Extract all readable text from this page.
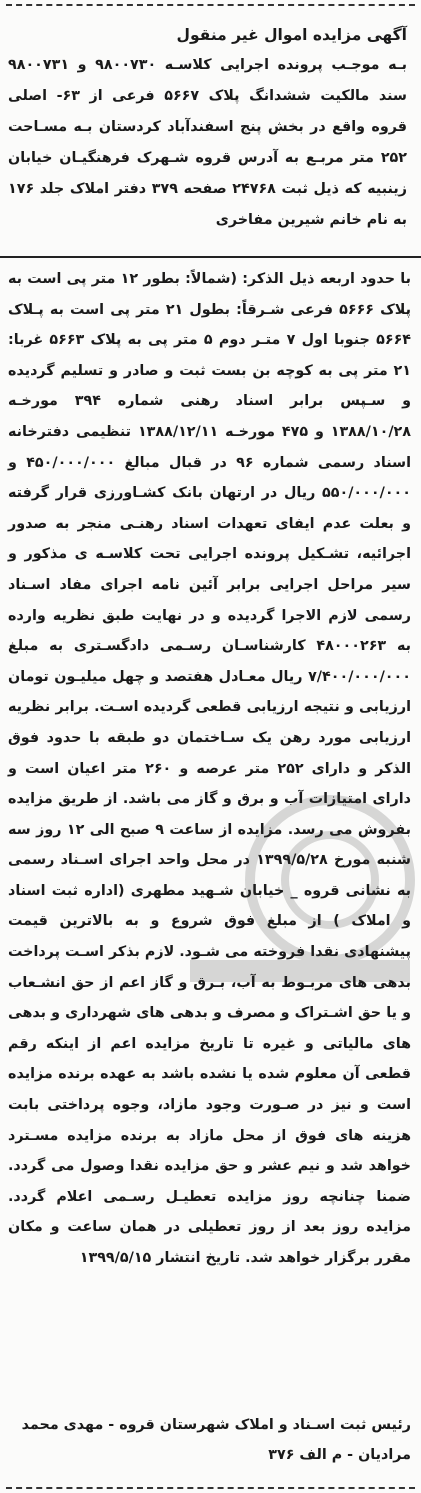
آگهی مزایده اموال غیر منقول

بـه موجـب پرونده اجرایی کلاسـه ۹۸۰۰۷۳۰ و ۹۸۰۰۷۳۱ سند مالکیت ششدانگ پلاک ۵۶۶۷ فرعی از ۶۳- اصلی قروه واقع در بخش پنج اسفندآباد کردستان بـه مسـاحت ۲۵۲ متر مربـع به آدرس قروه شـهرک فرهنگیـان خیابان زینبیه که ذیل ثبت ۲۴۷۶۸ صفحه ۳۷۹ دفتر املاک جلد ۱۷۶ به نام خانم شیرین مفاخری

با حدود اربعه ذیل الذکر: (شمالاً: بطور ۱۲ متر پی است به پلاک ۵۶۶۶ فرعی شـرقاً: بطول ۲۱ متر پی است به پـلاک ۵۶۶۴ جنوبا اول ۷ متـر دوم ۵ متر پی به پلاک ۵۶۶۳ غربا: ۲۱ متر پی به کوچه بن بست ثبت و صادر و تسلیم گردیده و سـپس برابر اسناد رهنی شماره ۳۹۴ مورخـه ۱۳۸۸/۱۰/۲۸ و ۴۷۵ مورخـه ۱۳۸۸/۱۲/۱۱ تنظیمی دفترخانه اسناد رسمی شماره ۹۶ در قبال مبالغ ۴۵۰/۰۰۰/۰۰۰ و ۵۵۰/۰۰۰/۰۰۰ ریال در ارتهان بانک کشـاورزی قرار گرفته و بعلت عدم ایفای تعهدات اسناد رهنـی منجر به صدور اجرائیه، تشـکیل پرونده اجرایی تحت کلاسـه ی مذکور و سیر مراحل اجرایی برابر آئین نامه اجرای مفاد اسـناد رسمی لازم الاجرا گردیده و در نهایت طبق نظریه وارده به ۴۸۰۰۰۲۶۳ کارشناسـان رسـمی دادگسـتری به مبلغ ۷/۴۰۰/۰۰۰/۰۰۰ ریال معـادل هفتصد و چهل میلیـون تومان ارزیابی و نتیجه ارزیابی قطعی گردیده اسـت. برابر نظریه ارزیابی مورد رهن یک سـاختمان دو طبقه با حدود فوق الذکر و دارای ۲۵۲ متر عرصه و ۲۶۰ متر اعیان است و دارای امتیازات آب و برق و گاز می باشد. از طریق مزایده بفروش می رسد. مزایده از ساعت ۹ صبح الی ۱۲ روز سه شنبه مورخ ۱۳۹۹/۵/۲۸ در محل واحد اجرای اسـناد رسمی به نشانی قروه _ خیابان شـهید مطهری (اداره ثبت اسناد و املاک ) از مبلغ فوق شروع و به بالاترین قیمت پیشنهادی نقدا فروخته می شـود. لازم بذکر اسـت پرداخت بدهی های مربـوط به آب، بـرق و گاز اعم از حق انشـعاب و یا حق اشـتراک و مصرف و بدهی های شهرداری و بدهی های مالیاتی و غیره تا تاریخ مزایده اعم از اینکه رقم قطعی آن معلوم شده یا نشده باشد به عهده برنده مزایده است و نیز در صـورت وجود مازاد، وجوه پرداختی بابت هزینه های فوق از محل مازاد به برنده مزایده مسـترد خواهد شد و نیم عشر و حق مزایده نقدا وصول می گردد. ضمنا چنانچه روز مزایده تعطیـل رسـمی اعلام گردد. مزایده روز بعد از روز تعطیلی در همان ساعت و مکان مقرر برگزار خواهد شد. تاریخ انتشار ۱۳۹۹/۵/۱۵

رئیس ثبت اسـناد و املاک شهرستان قروه - مهدی محمد مرادیان - م الف ۳۷۶
